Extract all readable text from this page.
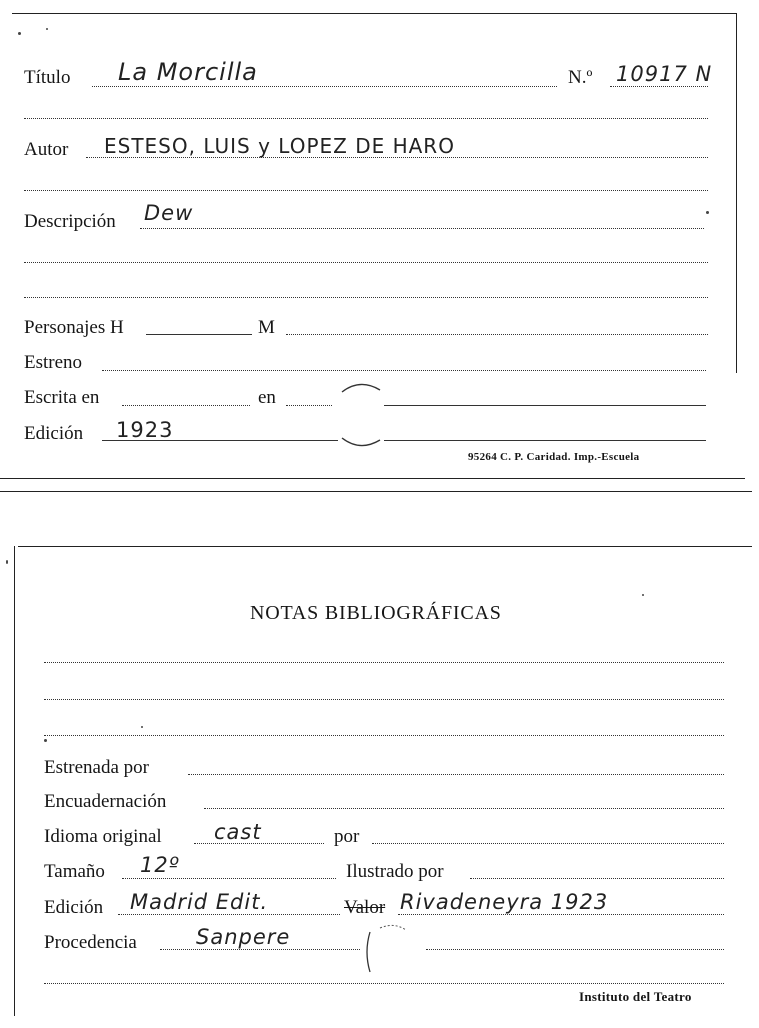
Título La Morcilla	N.º 10917 N
Autor ESTESO, LUIS y LOPEZ DE HARO
Descripción Dew
Personajes H	M
Estreno
Escrita en	en
Edición 1923
95264 C. P. Caridad. Imp.-Escuela
NOTAS BIBLIOGRÁFICAS
Estrenada por
Encuadernación
Idioma original cast	por
Tamaño 12º	Ilustrado por
Edición Madrid Edit.	Valor Rivadeneyra 1923
Procedencia	Sanpere
Instituto del Teatro
